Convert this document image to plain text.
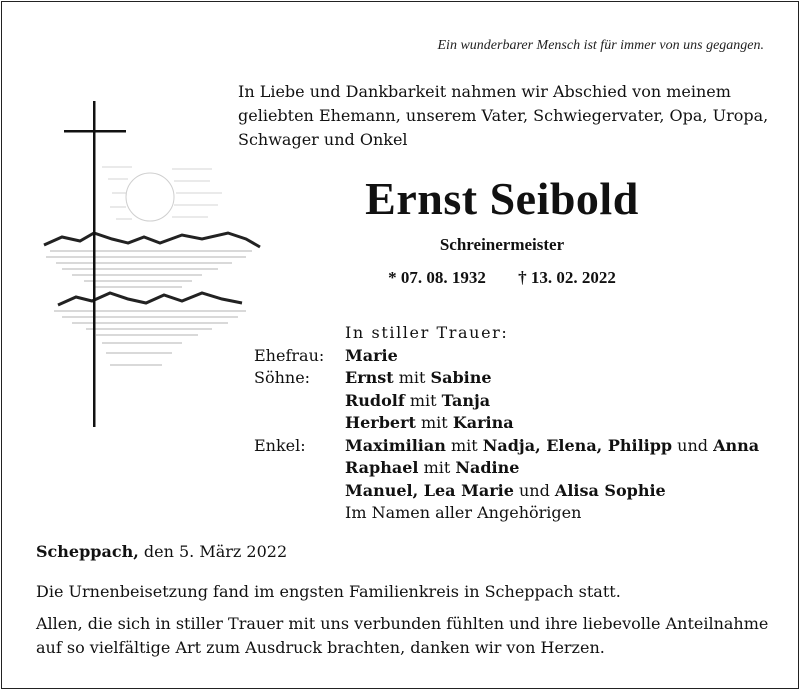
Ein wunderbarer Mensch ist für immer von uns gegangen.
In Liebe und Dankbarkeit nahmen wir Abschied von meinem geliebten Ehemann, unserem Vater, Schwiegervater, Opa, Uropa, Schwager und Onkel
Ernst Seibold
Schreinermeister
* 07. 08. 1932 † 13. 02. 2022
In stiller Trauer:
Ehefrau: Marie
Söhne: Ernst mit Sabine
Rudolf mit Tanja
Herbert mit Karina
Enkel: Maximilian mit Nadja, Elena, Philipp und Anna
Raphael mit Nadine
Manuel, Lea Marie und Alisa Sophie
Im Namen aller Angehörigen
Scheppach, den 5. März 2022
Die Urnenbeisetzung fand im engsten Familienkreis in Scheppach statt.
Allen, die sich in stiller Trauer mit uns verbunden fühlten und ihre liebevolle Anteilnahme auf so vielfältige Art zum Ausdruck brachten, danken wir von Herzen.
